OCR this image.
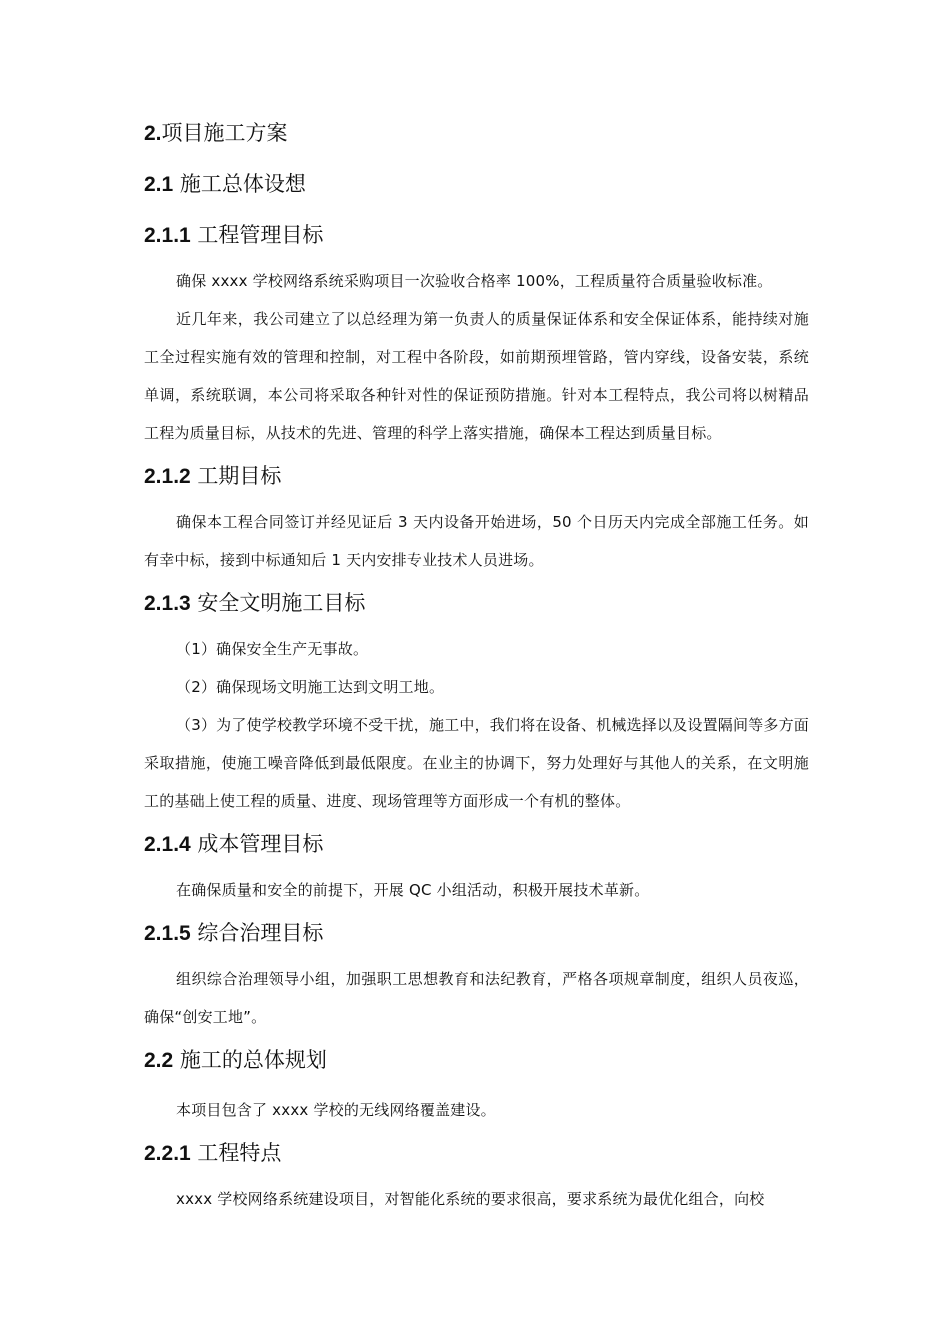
2.项目施工方案
2.1 施工总体设想
2.1.1 工程管理目标

确保 xxxx 学校网络系统采购项目一次验收合格率 100%，工程质量符合质量验收标准。

近几年来，我公司建立了以总经理为第一负责人的质量保证体系和安全保证体系，能持续对施工全过程实施有效的管理和控制，对工程中各阶段，如前期预埋管路，管内穿线，设备安装，系统单调，系统联调，本公司将采取各种针对性的保证预防措施。针对本工程特点，我公司将以树精品工程为质量目标，从技术的先进、管理的科学上落实措施，确保本工程达到质量目标。

2.1.2 工期目标

确保本工程合同签订并经见证后 3 天内设备开始进场，50 个日历天内完成全部施工任务。如有幸中标，接到中标通知后 1 天内安排专业技术人员进场。

2.1.3 安全文明施工目标

（1）确保安全生产无事故。

（2）确保现场文明施工达到文明工地。

（3）为了使学校教学环境不受干扰，施工中，我们将在设备、机械选择以及设置隔间等多方面采取措施，使施工噪音降低到最低限度。在业主的协调下，努力处理好与其他人的关系，在文明施工的基础上使工程的质量、进度、现场管理等方面形成一个有机的整体。

2.1.4 成本管理目标

在确保质量和安全的前提下，开展 QC 小组活动，积极开展技术革新。

2.1.5 综合治理目标

组织综合治理领导小组，加强职工思想教育和法纪教育，严格各项规章制度，组织人员夜巡，确保“创安工地”。

2.2 施工的总体规划

本项目包含了 xxxx 学校的无线网络覆盖建设。

2.2.1 工程特点

xxxx 学校网络系统建设项目，对智能化系统的要求很高，要求系统为最优化组合，向校
